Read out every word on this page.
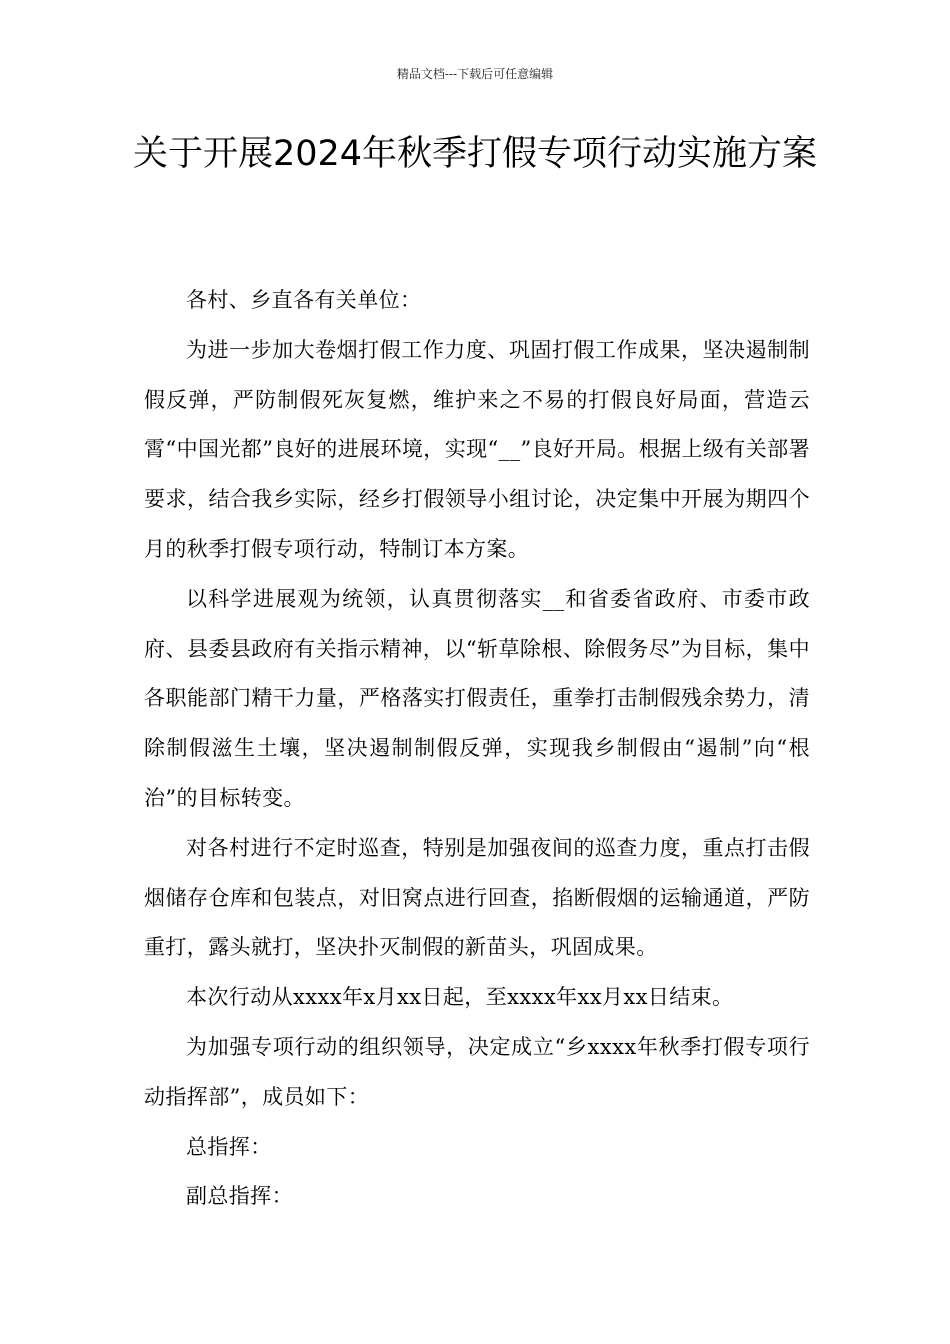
精品文档---下载后可任意编辑
关于开展2024年秋季打假专项行动实施方案

各村、乡直各有关单位：

为进一步加大卷烟打假工作力度、巩固打假工作成果，坚决遏制制假反弹，严防制假死灰复燃，维护来之不易的打假良好局面，营造云霄“中国光都”良好的进展环境，实现“__”良好开局。根据上级有关部署要求，结合我乡实际，经乡打假领导小组讨论，决定集中开展为期四个月的秋季打假专项行动，特制订本方案。

以科学进展观为统领，认真贯彻落实__和省委省政府、市委市政府、县委县政府有关指示精神，以“斩草除根、除假务尽”为目标，集中各职能部门精干力量，严格落实打假责任，重拳打击制假残余势力，清除制假滋生土壤，坚决遏制制假反弹，实现我乡制假由“遏制”向“根治”的目标转变。

对各村进行不定时巡查，特别是加强夜间的巡查力度，重点打击假烟储存仓库和包装点，对旧窝点进行回查，掐断假烟的运输通道，严防重打，露头就打，坚决扑灭制假的新苗头，巩固成果。

本次行动从xxxx年x月xx日起，至xxxx年xx月xx日结束。

为加强专项行动的组织领导，决定成立“乡xxxx年秋季打假专项行动指挥部”，成员如下：

总指挥：

副总指挥：
